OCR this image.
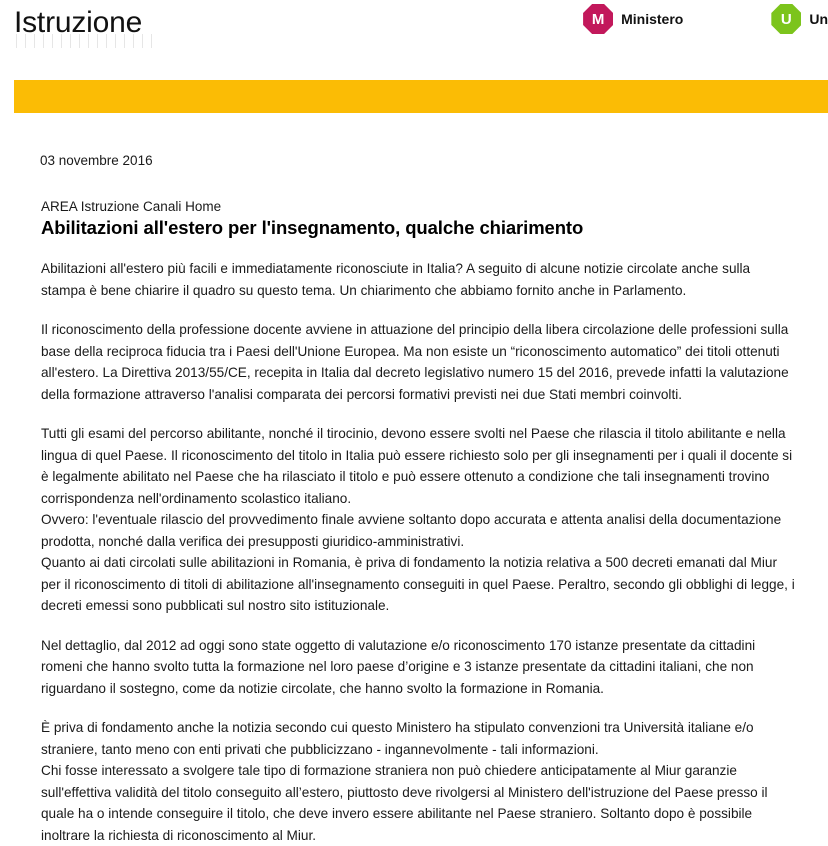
Istruzione	M Ministero	U Un
03 novembre 2016
AREA Istruzione Canali Home
Abilitazioni all'estero per l'insegnamento, qualche chiarimento

Abilitazioni all'estero più facili e immediatamente riconosciute in Italia? A seguito di alcune notizie circolate anche sulla stampa è bene chiarire il quadro su questo tema. Un chiarimento che abbiamo fornito anche in Parlamento.

Il riconoscimento della professione docente avviene in attuazione del principio della libera circolazione delle professioni sulla base della reciproca fiducia tra i Paesi dell'Unione Europea. Ma non esiste un “riconoscimento automatico” dei titoli ottenuti all'estero. La Direttiva 2013/55/CE, recepita in Italia dal decreto legislativo numero 15 del 2016, prevede infatti la valutazione della formazione attraverso l'analisi comparata dei percorsi formativi previsti nei due Stati membri coinvolti.

Tutti gli esami del percorso abilitante, nonché il tirocinio, devono essere svolti nel Paese che rilascia il titolo abilitante e nella lingua di quel Paese. Il riconoscimento del titolo in Italia può essere richiesto solo per gli insegnamenti per i quali il docente si è legalmente abilitato nel Paese che ha rilasciato il titolo e può essere ottenuto a condizione che tali insegnamenti trovino corrispondenza nell'ordinamento scolastico italiano.
Ovvero: l'eventuale rilascio del provvedimento finale avviene soltanto dopo accurata e attenta analisi della documentazione prodotta, nonché dalla verifica dei presupposti giuridico-amministrativi.
Quanto ai dati circolati sulle abilitazioni in Romania, è priva di fondamento la notizia relativa a 500 decreti emanati dal Miur per il riconoscimento di titoli di abilitazione all'insegnamento conseguiti in quel Paese. Peraltro, secondo gli obblighi di legge, i decreti emessi sono pubblicati sul nostro sito istituzionale.

Nel dettaglio, dal 2012 ad oggi sono state oggetto di valutazione e/o riconoscimento 170 istanze presentate da cittadini romeni che hanno svolto tutta la formazione nel loro paese d’origine e 3 istanze presentate da cittadini italiani, che non riguardano il sostegno, come da notizie circolate, che hanno svolto la formazione in Romania.

È priva di fondamento anche la notizia secondo cui questo Ministero ha stipulato convenzioni tra Università italiane e/o straniere, tanto meno con enti privati che pubblicizzano - ingannevolmente - tali informazioni.
Chi fosse interessato a svolgere tale tipo di formazione straniera non può chiedere anticipatamente al Miur garanzie sull'effettiva validità del titolo conseguito all’estero, piuttosto deve rivolgersi al Ministero dell'istruzione del Paese presso il quale ha o intende conseguire il titolo, che deve invero essere abilitante nel Paese straniero. Soltanto dopo è possibile inoltrare la richiesta di riconoscimento al Miur.
